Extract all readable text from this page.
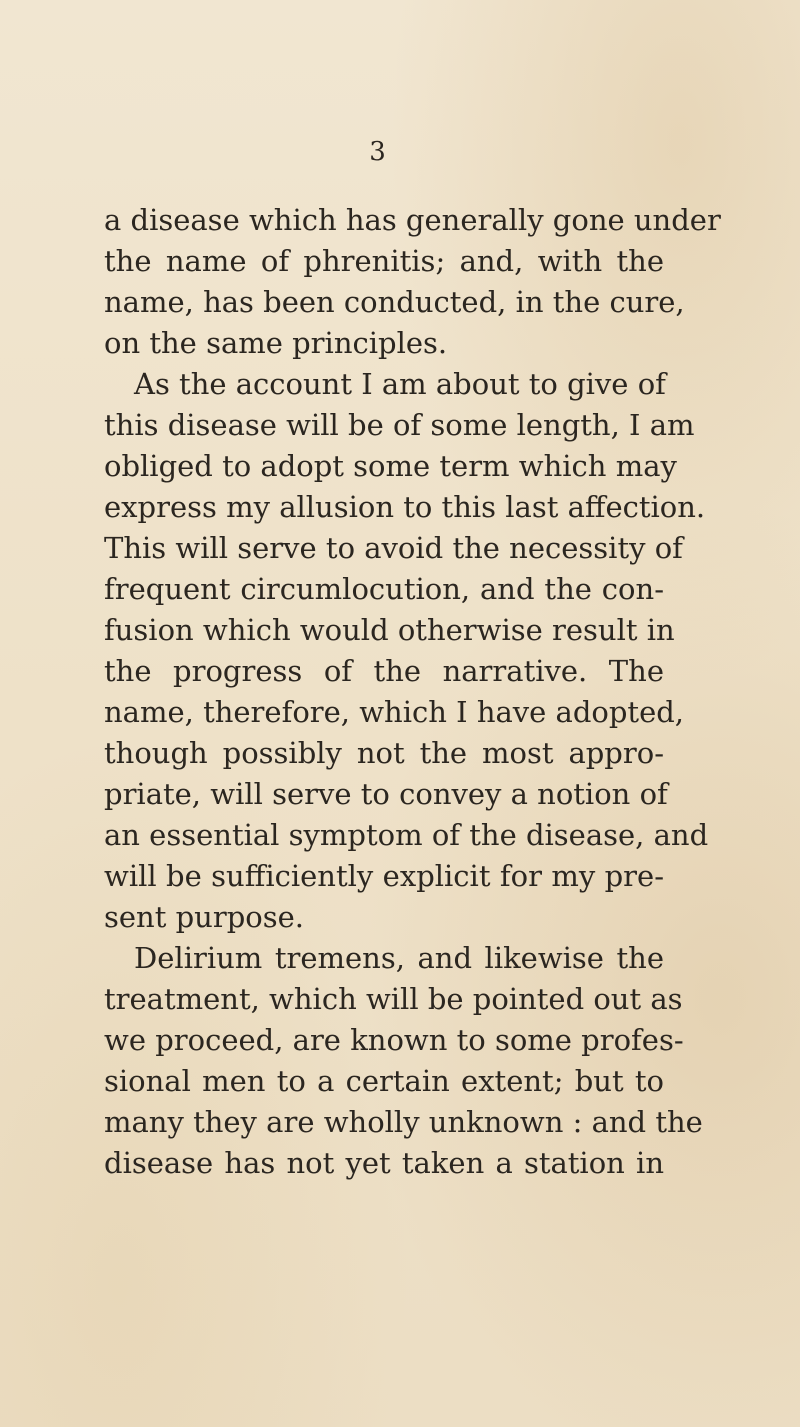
3
a disease which has generally gone under
the name of phrenitis; and, with the
name, has been conducted, in the cure,
on the same principles.
As the account I am about to give of
this disease will be of some length, I am
obliged to adopt some term which may
express my allusion to this last affection.
This will serve to avoid the necessity of
frequent circumlocution, and the con-
fusion which would otherwise result in
the progress of the narrative. The
name, therefore, which I have adopted,
though possibly not the most appro-
priate, will serve to convey a notion of
an essential symptom of the disease, and
will be sufficiently explicit for my pre-
sent purpose.
Delirium tremens, and likewise the
treatment, which will be pointed out as
we proceed, are known to some profes-
sional men to a certain extent; but to
many they are wholly unknown : and the
disease has not yet taken a station in
